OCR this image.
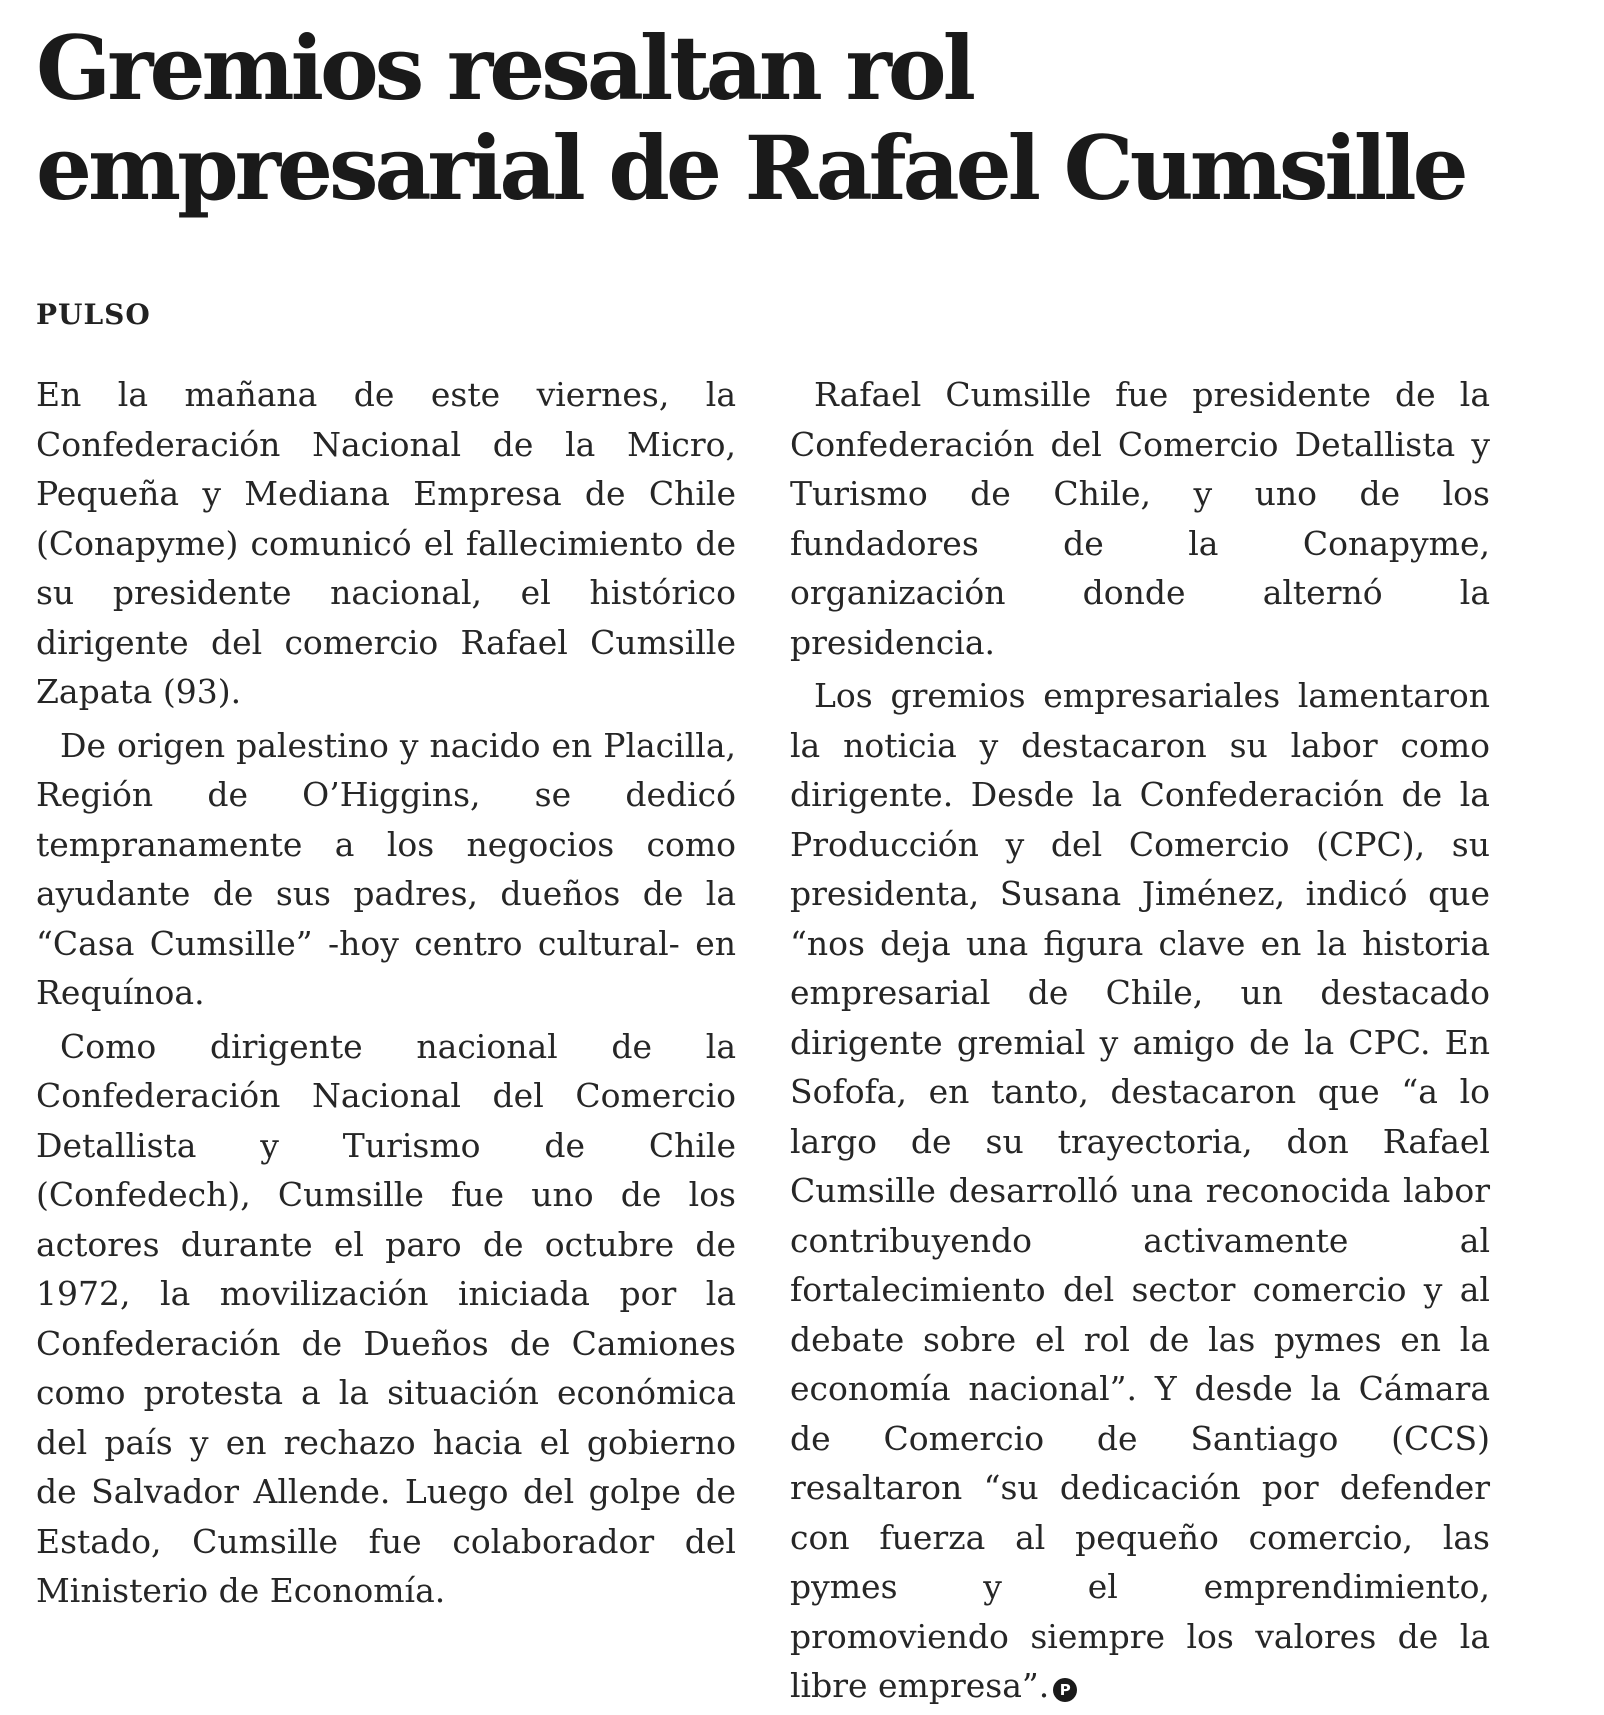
Gremios resaltan rol empresarial de Rafael Cumsille
PULSO

En la mañana de este viernes, la Confederación Nacional de la Micro, Pequeña y Mediana Empresa de Chile (Conapyme) comunicó el fallecimiento de su presidente nacional, el histórico dirigente del comercio Rafael Cumsille Zapata (93).

De origen palestino y nacido en Placilla, Región de O’Higgins, se dedicó tempranamente a los negocios como ayudante de sus padres, dueños de la “Casa Cumsille” -hoy centro cultural- en Requínoa.

Como dirigente nacional de la Confederación Nacional del Comercio Detallista y Turismo de Chile (Confedech), Cumsille fue uno de los actores durante el paro de octubre de 1972, la movilización iniciada por la Confederación de Dueños de Camiones como protesta a la situación económica del país y en rechazo hacia el gobierno de Salvador Allende. Luego del golpe de Estado, Cumsille fue colaborador del Ministerio de Economía.

Rafael Cumsille fue presidente de la Confederación del Comercio Detallista y Turismo de Chile, y uno de los fundadores de la Conapyme, organización donde alternó la presidencia.

Los gremios empresariales lamentaron la noticia y destacaron su labor como dirigente. Desde la Confederación de la Producción y del Comercio (CPC), su presidenta, Susana Jiménez, indicó que “nos deja una figura clave en la historia empresarial de Chile, un destacado dirigente gremial y amigo de la CPC. En Sofofa, en tanto, destacaron que “a lo largo de su trayectoria, don Rafael Cumsille desarrolló una reconocida labor contribuyendo activamente al fortalecimiento del sector comercio y al debate sobre el rol de las pymes en la economía nacional”. Y desde la Cámara de Comercio de Santiago (CCS) resaltaron “su dedicación por defender con fuerza al pequeño comercio, las pymes y el emprendimiento, promoviendo siempre los valores de la libre empresa”. P
